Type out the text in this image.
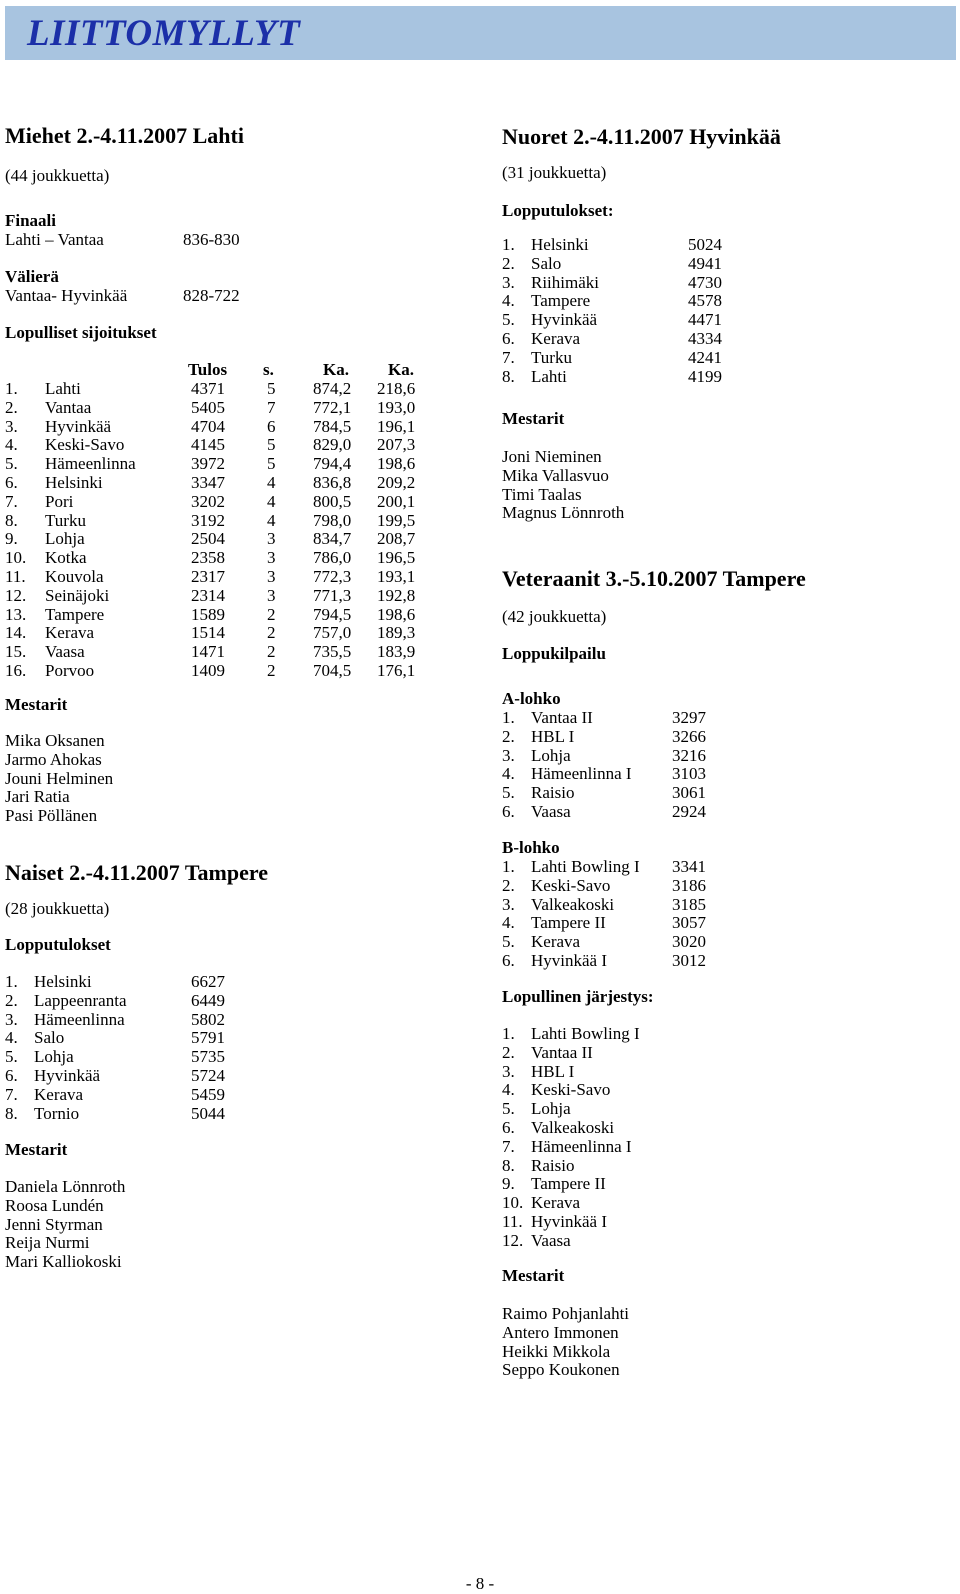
LIITTOMYLLYT
Miehet 2.-4.11.2007 Lahti

(44 joukkuetta)

Finaali

Lahti – Vantaa	836-830

Välierä

Vantaa- Hyvinkää	828-722

Lopulliset sijoitukset

Tulos s.	Ka. Ka.
1. Lahti	4371 5 874,2 218,6
2. Vantaa	5405 7 772,1 193,0
3. Hyvinkää	4704 6 784,5 196,1
4. Keski-Savo	4145 5 829,0 207,3
5. Hämeenlinna	3972 5 794,4 198,6
6. Helsinki	3347 4 836,8 209,2
7. Pori	3202 4 800,5 200,1
8. Turku	3192 4 798,0 199,5
9. Lohja	2504 3 834,7 208,7
10. Kotka	2358 3 786,0 196,5
11. Kouvola	2317 3 772,3 193,1
12. Seinäjoki	2314 3 771,3 192,8
13. Tampere	1589 2 794,5 198,6
14. Kerava	1514 2 757,0 189,3
15. Vaasa	1471 2 735,5 183,9
16. Porvoo	1409 2 704,5 176,1

Mestarit

Mika Oksanen

Jarmo Ahokas

Jouni Helminen

Jari Ratia

Pasi Pöllänen

Naiset 2.-4.11.2007 Tampere

(28 joukkuetta)

Lopputulokset

1. Helsinki	6627
2. Lappeenranta	6449
3. Hämeenlinna	5802
4. Salo	5791
5. Lohja	5735
6. Hyvinkää	5724
7. Kerava	5459
8. Tornio	5044

Mestarit

Daniela Lönnroth

Roosa Lundén

Jenni Styrman

Reija Nurmi

Mari Kalliokoski

Nuoret 2.-4.11.2007 Hyvinkää

(31 joukkuetta)

Lopputulokset:

1. Helsinki	5024
2. Salo	4941
3. Riihimäki	4730
4. Tampere	4578
5. Hyvinkää	4471
6. Kerava	4334
7. Turku	4241
8. Lahti	4199

Mestarit

Joni Nieminen

Mika Vallasvuo

Timi Taalas

Magnus Lönnroth

Veteraanit 3.-5.10.2007 Tampere

(42 joukkuetta)

Loppukilpailu

A-lohko

1. Vantaa II	3297
2. HBL I	3266
3. Lohja	3216
4. Hämeenlinna I 3103
5. Raisio	3061
6. Vaasa	2924

B-lohko

1. Lahti Bowling I 3341
2. Keski-Savo	3186
3. Valkeakoski	3185
4. Tampere II	3057
5. Kerava	3020
6. Hyvinkää I	3012

Lopullinen järjestys:

1. Lahti Bowling I
2. Vantaa II
3. HBL I
4. Keski-Savo
5. Lohja
6. Valkeakoski
7. Hämeenlinna I
8. Raisio
9. Tampere II
10. Kerava
11. Hyvinkää I
12. Vaasa

Mestarit

Raimo Pohjanlahti

Antero Immonen

Heikki Mikkola

Seppo Koukonen

- 8 -
